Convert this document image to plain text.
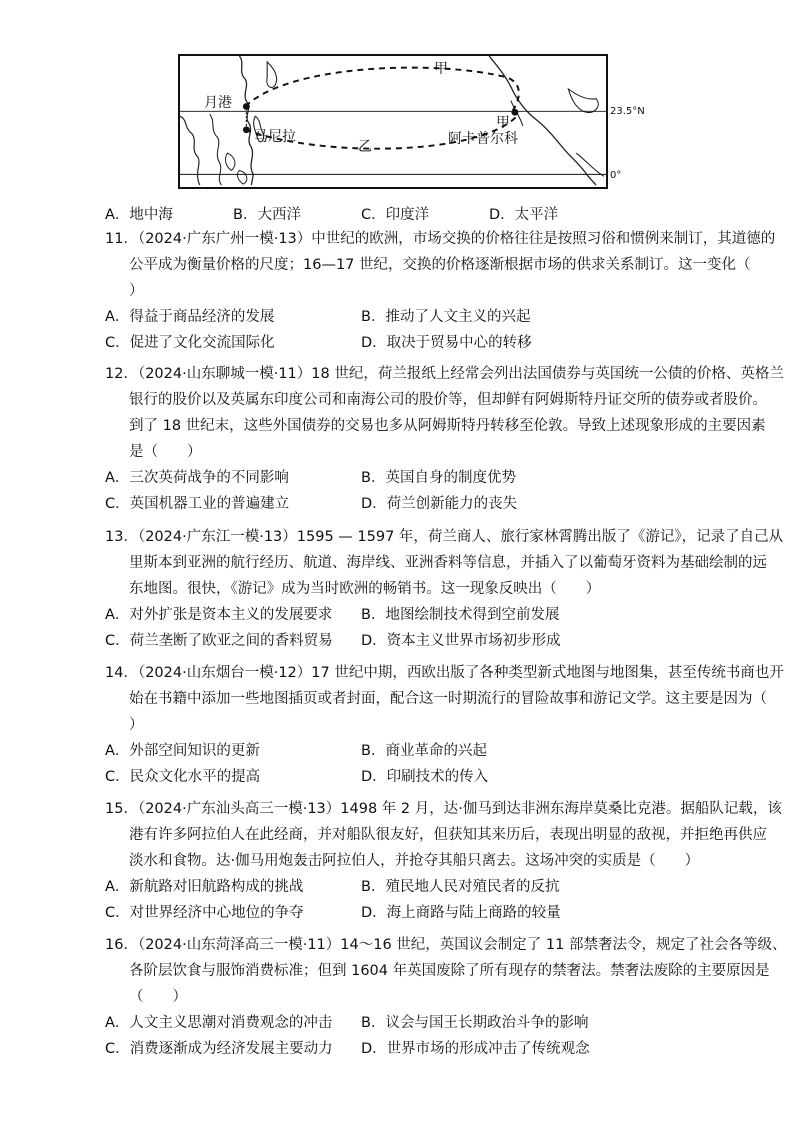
月港
马尼拉
甲
甲
乙	阿卡普尔科
23.5°N
0°
A．地中海	B．大西洋	C．印度洋	D．太平洋
11．（2024·广东广州一模·13）中世纪的欧洲，市场交换的价格往往是按照习俗和惯例来制订，其道德的
公平成为衡量价格的尺度；16—17 世纪，交换的价格逐渐根据市场的供求关系制订。这一变化（
）
A．得益于商品经济的发展	B．推动了人文主义的兴起
C．促进了文化交流国际化	D．取决于贸易中心的转移
12．（2024·山东聊城一模·11）18 世纪，荷兰报纸上经常会列出法国债券与英国统一公债的价格、英格兰
银行的股价以及英属东印度公司和南海公司的股价等，但却鲜有阿姆斯特丹证交所的债券或者股价。
到了 18 世纪末，这些外国债券的交易也多从阿姆斯特丹转移至伦敦。导致上述现象形成的主要因素
是（　　）
A．三次英荷战争的不同影响	B．英国自身的制度优势
C．英国机器工业的普遍建立	D．荷兰创新能力的丧失
13．（2024·广东江一模·13）1595 — 1597 年，荷兰商人、旅行家林霄腾出版了《游记》，记录了自己从
里斯本到亚洲的航行经历、航道、海岸线、亚洲香料等信息，并插入了以葡萄牙资料为基础绘制的远
东地图。很快，《游记》成为当时欧洲的畅销书。这一现象反映出（　　）
A．对外扩张是资本主义的发展要求	B．地图绘制技术得到空前发展
C．荷兰垄断了欧亚之间的香料贸易	D．资本主义世界市场初步形成
14．（2024·山东烟台一模·12）17 世纪中期，西欧出版了各种类型新式地图与地图集，甚至传统书商也开
始在书籍中添加一些地图插页或者封面，配合这一时期流行的冒险故事和游记文学。这主要是因为（
）
A．外部空间知识的更新	B．商业革命的兴起
C．民众文化水平的提高	D．印刷技术的传入
15．（2024·广东汕头高三一模·13）1498 年 2 月，达·伽马到达非洲东海岸莫桑比克港。据船队记载，该
港有许多阿拉伯人在此经商，并对船队很友好，但获知其来历后，表现出明显的敌视，并拒绝再供应
淡水和食物。达·伽马用炮轰击阿拉伯人，并抢夺其船只离去。这场冲突的实质是（　　）
A．新航路对旧航路构成的挑战	B．殖民地人民对殖民者的反抗
C．对世界经济中心地位的争夺	D．海上商路与陆上商路的较量
16．（2024·山东菏泽高三一模·11）14～16 世纪，英国议会制定了 11 部禁奢法令，规定了社会各等级、
各阶层饮食与服饰消费标准；但到 1604 年英国废除了所有现存的禁奢法。禁奢法废除的主要原因是
（　　）
A．人文主义思潮对消费观念的冲击	B．议会与国王长期政治斗争的影响
C．消费逐渐成为经济发展主要动力	D．世界市场的形成冲击了传统观念
